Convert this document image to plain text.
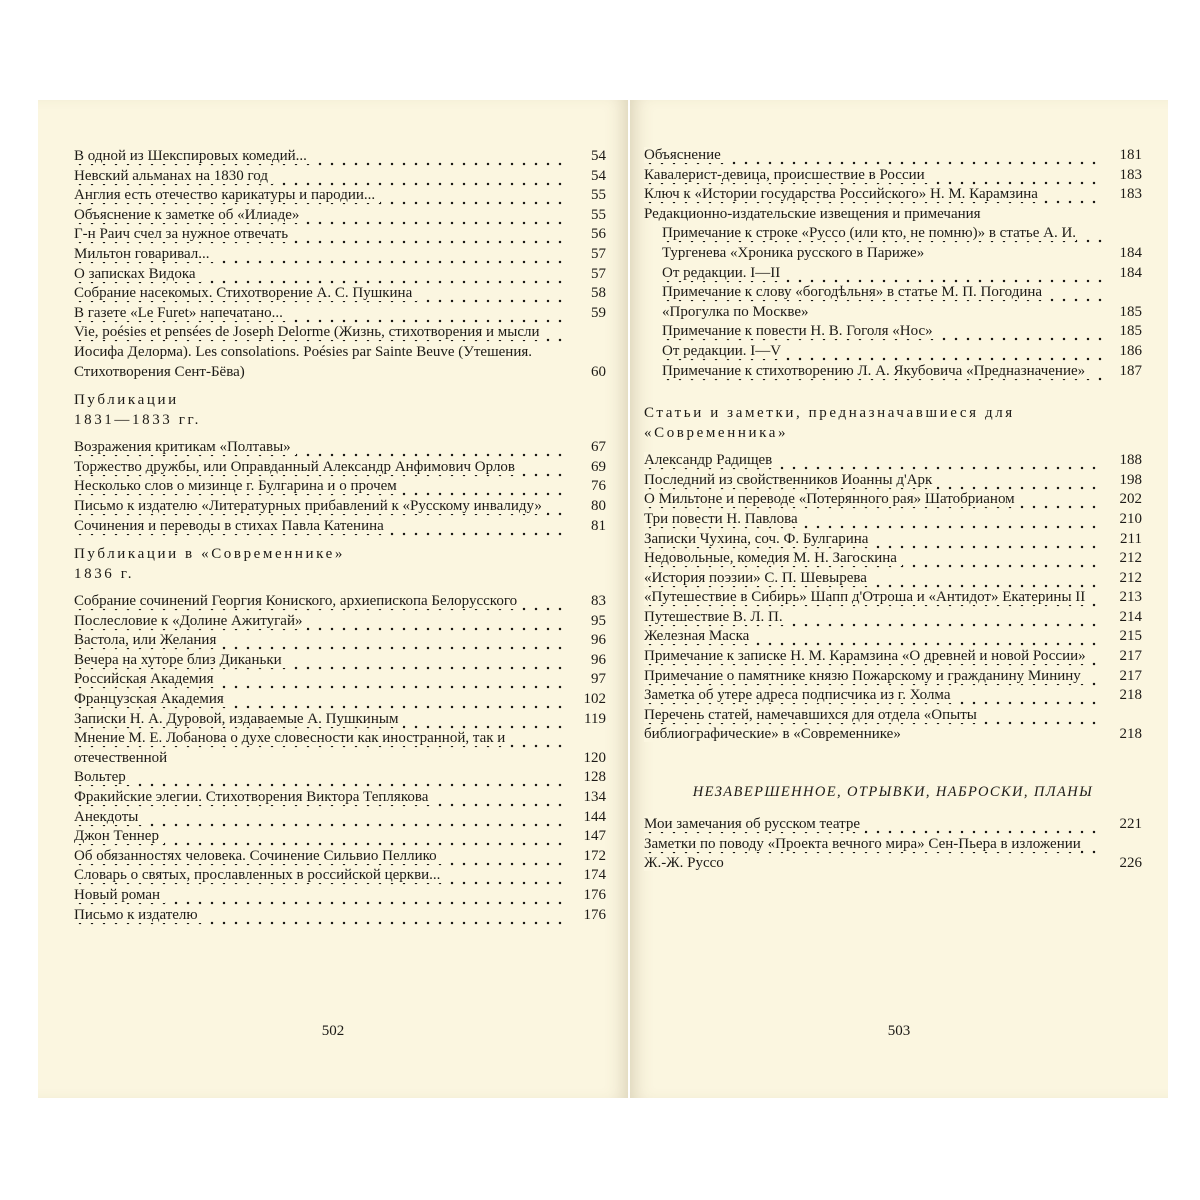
В одной из Шекспировых комедий...	54
Невский альманах на 1830 год	54
Англия есть отечество карикатуры и пародии...	55
Объяснение к заметке об «Илиаде»	55
Г-н Раич счел за нужное отвечать	56
Мильтон говаривал...	57
О записках Видока	57
Собрание насекомых. Стихотворение А. С. Пушкина	58
В газете «Le Furet» напечатано...	59
Vie, poésies et pensées de Joseph Delorme (Жизнь, стихотворения и мысли Иосифа Делорма). Les consolations. Poésies par Sainte Beuve (Утешения. Стихотворения Сент-Бёва)	60
Публикации
1831—1833 гг.
Возражения критикам «Полтавы»	67
Торжество дружбы, или Оправданный Александр Анфимович Орлов	69
Несколько слов о мизинце г. Булгарина и о прочем	76
Письмо к издателю «Литературных прибавлений к «Русскому инвалиду»	80
Сочинения и переводы в стихах Павла Катенина	81
Публикации в «Современнике»
1836 г.
Собрание сочинений Георгия Кониского, архиепископа Белорусского	83
Послесловие к «Долине Ажитугай»	95
Вастола, или Желания	96
Вечера на хуторе близ Диканьки	96
Российская Академия	97
Французская Академия	102
Записки Н. А. Дуровой, издаваемые А. Пушкиным	119
Мнение М. Е. Лобанова о духе словесности как иностранной, так и отечественной	120
Вольтер	128
Фракийские элегии. Стихотворения Виктора Теплякова	134
Анекдоты	144
Джон Теннер	147
Об обязанностях человека. Сочинение Сильвио Пеллико	172
Словарь о святых, прославленных в российской церкви...	174
Новый роман	176
Письмо к издателю	176
502
Объяснение	181
Кавалерист-девица, происшествие в России	183
Ключ к «Истории государства Российского» Н. М. Карамзина	183
Редакционно-издательские извещения и примечания
Примечание к строке «Руссо (или кто, не помню)» в статье А. И. Тургенева «Хроника русского в Париже»	184
От редакции. I—II	184
Примечание к слову «богодѣльня» в статье М. П. Погодина «Прогулка по Москве»	185
Примечание к повести Н. В. Гоголя «Нос»	185
От редакции. I—V	186
Примечание к стихотворению Л. А. Якубовича «Предназначение»	187
Статьи и заметки, предназначавшиеся для «Современника»
Александр Радищев	188
Последний из свойственников Иоанны д'Арк	198
О Мильтоне и переводе «Потерянного рая» Шатобрианом	202
Три повести Н. Павлова	210
Записки Чухина, соч. Ф. Булгарина	211
Недовольные, комедия М. Н. Загоскина	212
«История поэзии» С. П. Шевырева	212
«Путешествие в Сибирь» Шапп д'Отроша и «Антидот» Екатерины II	213
Путешествие В. Л. П.	214
Железная Маска	215
Примечание к записке Н. М. Карамзина «О древней и новой России»	217
Примечание о памятнике князю Пожарскому и гражданину Минину	217
Заметка об утере адреса подписчика из г. Холма	218
Перечень статей, намечавшихся для отдела «Опыты библиографические» в «Современнике»	218
НЕЗАВЕРШЕННОЕ, ОТРЫВКИ, НАБРОСКИ, ПЛАНЫ
Мои замечания об русском театре	221
Заметки по поводу «Проекта вечного мира» Сен-Пьера в изложении Ж.-Ж. Руссо	226
503
